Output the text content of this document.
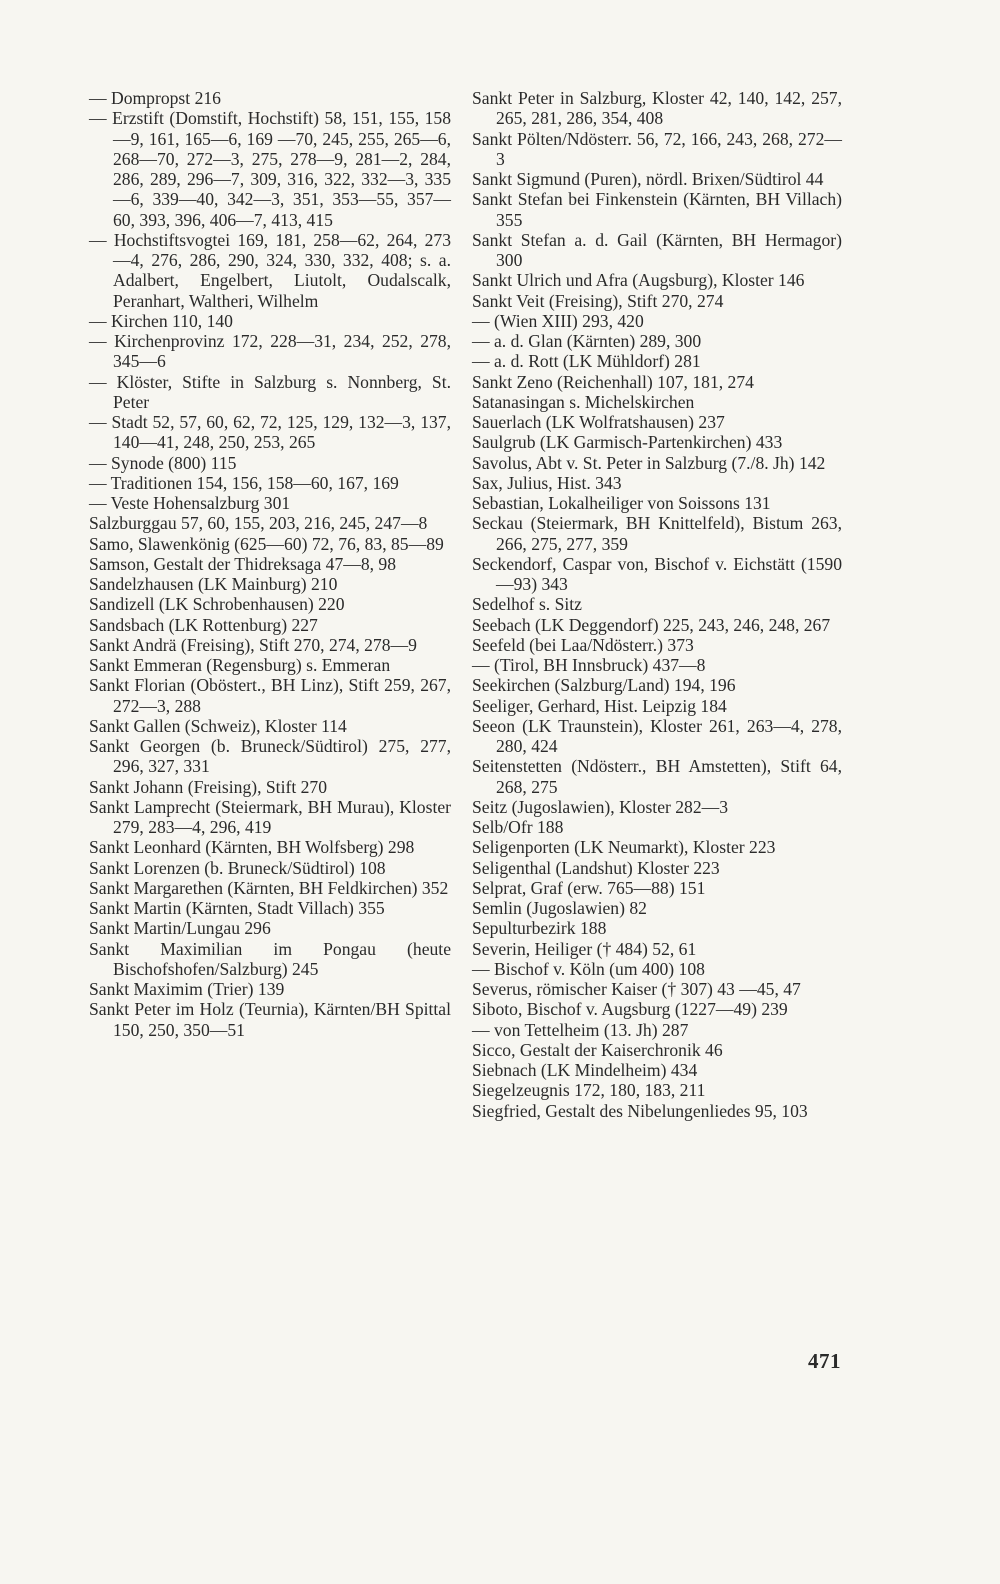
— Dompropst 216
— Erzstift (Domstift, Hochstift) 58, 151, 155, 158—9, 161, 165—6, 169 —70, 245, 255, 265—6, 268—70, 272—3, 275, 278—9, 281—2, 284, 286, 289, 296—7, 309, 316, 322, 332—3, 335—6, 339—40, 342—3, 351, 353—55, 357—60, 393, 396, 406—7, 413, 415
— Hochstiftsvogtei 169, 181, 258—62, 264, 273—4, 276, 286, 290, 324, 330, 332, 408; s. a. Adalbert, Engelbert, Liutolt, Oudalscalk, Peranhart, Waltheri, Wilhelm
— Kirchen 110, 140
— Kirchenprovinz 172, 228—31, 234, 252, 278, 345—6
— Klöster, Stifte in Salzburg s. Nonnberg, St. Peter
— Stadt 52, 57, 60, 62, 72, 125, 129, 132—3, 137, 140—41, 248, 250, 253, 265
— Synode (800) 115
— Traditionen 154, 156, 158—60, 167, 169
— Veste Hohensalzburg 301
Salzburggau 57, 60, 155, 203, 216, 245, 247—8
Samo, Slawenkönig (625—60) 72, 76, 83, 85—89
Samson, Gestalt der Thidreksaga 47—8, 98
Sandelzhausen (LK Mainburg) 210
Sandizell (LK Schrobenhausen) 220
Sandsbach (LK Rottenburg) 227
Sankt Andrä (Freising), Stift 270, 274, 278—9
Sankt Emmeran (Regensburg) s. Emmeran
Sankt Florian (Oböstert., BH Linz), Stift 259, 267, 272—3, 288
Sankt Gallen (Schweiz), Kloster 114
Sankt Georgen (b. Bruneck/Südtirol) 275, 277, 296, 327, 331
Sankt Johann (Freising), Stift 270
Sankt Lamprecht (Steiermark, BH Murau), Kloster 279, 283—4, 296, 419
Sankt Leonhard (Kärnten, BH Wolfsberg) 298
Sankt Lorenzen (b. Bruneck/Südtirol) 108
Sankt Margarethen (Kärnten, BH Feldkirchen) 352
Sankt Martin (Kärnten, Stadt Villach) 355
Sankt Martin/Lungau 296
Sankt Maximilian im Pongau (heute Bischofshofen/Salzburg) 245
Sankt Maximim (Trier) 139
Sankt Peter im Holz (Teurnia), Kärnten/BH Spittal 150, 250, 350—51
Sankt Peter in Salzburg, Kloster 42, 140, 142, 257, 265, 281, 286, 354, 408
Sankt Pölten/Ndösterr. 56, 72, 166, 243, 268, 272—3
Sankt Sigmund (Puren), nördl. Brixen/Südtirol 44
Sankt Stefan bei Finkenstein (Kärnten, BH Villach) 355
Sankt Stefan a. d. Gail (Kärnten, BH Hermagor) 300
Sankt Ulrich und Afra (Augsburg), Kloster 146
Sankt Veit (Freising), Stift 270, 274
— (Wien XIII) 293, 420
— a. d. Glan (Kärnten) 289, 300
— a. d. Rott (LK Mühldorf) 281
Sankt Zeno (Reichenhall) 107, 181, 274
Satanasingan s. Michelskirchen
Sauerlach (LK Wolfratshausen) 237
Saulgrub (LK Garmisch-Partenkirchen) 433
Savolus, Abt v. St. Peter in Salzburg (7./8. Jh) 142
Sax, Julius, Hist. 343
Sebastian, Lokalheiliger von Soissons 131
Seckau (Steiermark, BH Knittelfeld), Bistum 263, 266, 275, 277, 359
Seckendorf, Caspar von, Bischof v. Eichstätt (1590—93) 343
Sedelhof s. Sitz
Seebach (LK Deggendorf) 225, 243, 246, 248, 267
Seefeld (bei Laa/Ndösterr.) 373
— (Tirol, BH Innsbruck) 437—8
Seekirchen (Salzburg/Land) 194, 196
Seeliger, Gerhard, Hist. Leipzig 184
Seeon (LK Traunstein), Kloster 261, 263—4, 278, 280, 424
Seitenstetten (Ndösterr., BH Amstetten), Stift 64, 268, 275
Seitz (Jugoslawien), Kloster 282—3
Selb/Ofr 188
Seligenporten (LK Neumarkt), Kloster 223
Seligenthal (Landshut) Kloster 223
Selprat, Graf (erw. 765—88) 151
Semlin (Jugoslawien) 82
Sepulturbezirk 188
Severin, Heiliger († 484) 52, 61
— Bischof v. Köln (um 400) 108
Severus, römischer Kaiser († 307) 43 —45, 47
Siboto, Bischof v. Augsburg (1227—49) 239
— von Tettelheim (13. Jh) 287
Sicco, Gestalt der Kaiserchronik 46
Siebnach (LK Mindelheim) 434
Siegelzeugnis 172, 180, 183, 211
Siegfried, Gestalt des Nibelungenliedes 95, 103
471
